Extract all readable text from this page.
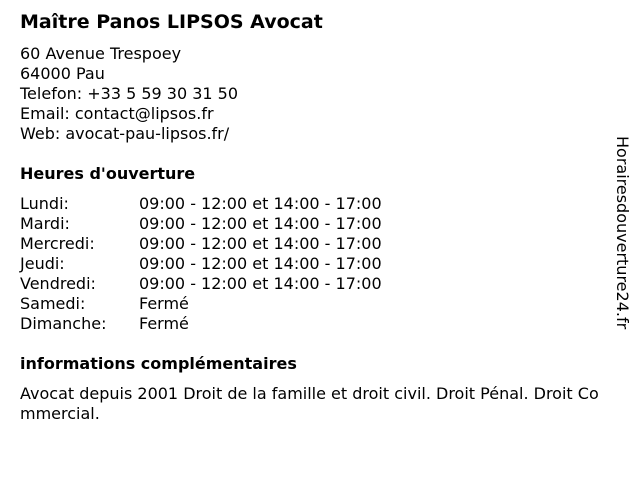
Maître Panos LIPSOS Avocat
60 Avenue Trespoey
64000 Pau
Telefon: +33 5 59 30 31 50
Email: contact@lipsos.fr
Web: avocat-pau-lipsos.fr/
Heures d'ouverture
Lundi:	09:00 - 12:00 et 14:00 - 17:00
Mardi:	09:00 - 12:00 et 14:00 - 17:00
Mercredi:	09:00 - 12:00 et 14:00 - 17:00
Jeudi:	09:00 - 12:00 et 14:00 - 17:00
Vendredi:	09:00 - 12:00 et 14:00 - 17:00
Samedi:	Fermé
Dimanche: Fermé
informations complémentaires
Avocat depuis 2001 Droit de la famille et droit civil. Droit Pénal. Droit Commercial.
Horairesdouverture24.fr
